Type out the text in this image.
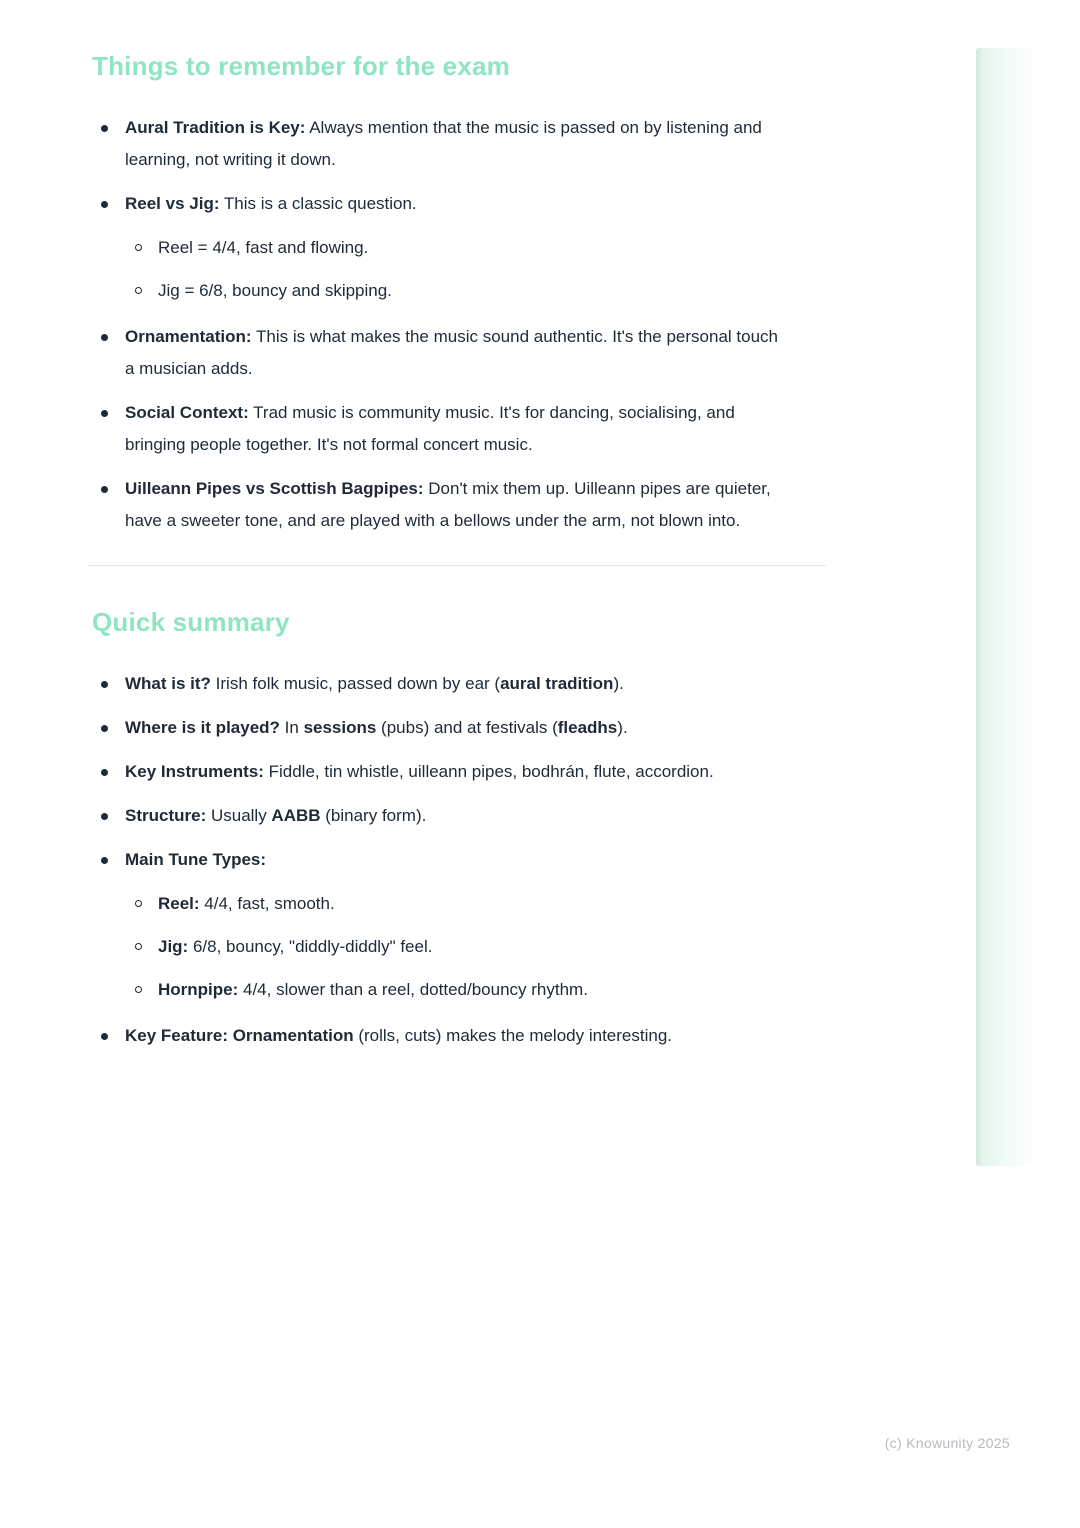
Things to remember for the exam
Aural Tradition is Key: Always mention that the music is passed on by listening and learning, not writing it down.
Reel vs Jig: This is a classic question.
Reel = 4/4, fast and flowing.
Jig = 6/8, bouncy and skipping.
Ornamentation: This is what makes the music sound authentic. It's the personal touch a musician adds.
Social Context: Trad music is community music. It's for dancing, socialising, and bringing people together. It's not formal concert music.
Uilleann Pipes vs Scottish Bagpipes: Don't mix them up. Uilleann pipes are quieter, have a sweeter tone, and are played with a bellows under the arm, not blown into.
Quick summary
What is it? Irish folk music, passed down by ear (aural tradition).
Where is it played? In sessions (pubs) and at festivals (fleadhs).
Key Instruments: Fiddle, tin whistle, uilleann pipes, bodhrán, flute, accordion.
Structure: Usually AABB (binary form).
Main Tune Types:
Reel: 4/4, fast, smooth.
Jig: 6/8, bouncy, "diddly-diddly" feel.
Hornpipe: 4/4, slower than a reel, dotted/bouncy rhythm.
Key Feature: Ornamentation (rolls, cuts) makes the melody interesting.
(c) Knowunity 2025
